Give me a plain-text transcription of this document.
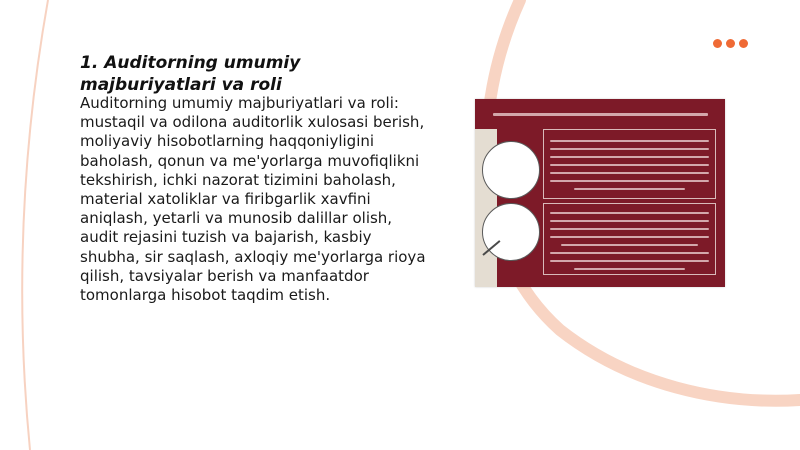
1. Auditorning umumiy majburiyatlari va roli

Auditorning umumiy majburiyatlari va roli: mustaqil va odilona auditorlik xulosasi berish, moliyaviy hisobotlarning haqqoniyligini baholash, qonun va me'yorlarga muvofiqlikni tekshirish, ichki nazorat tizimini baholash, material xatoliklar va firibgarlik xavfini aniqlash, yetarli va munosib dalillar olish, audit rejasini tuzish va bajarish, kasbiy shubha, sir saqlash, axloqiy me'yorlarga rioya qilish, tavsiyalar berish va manfaatdor tomonlarga hisobot taqdim etish.
